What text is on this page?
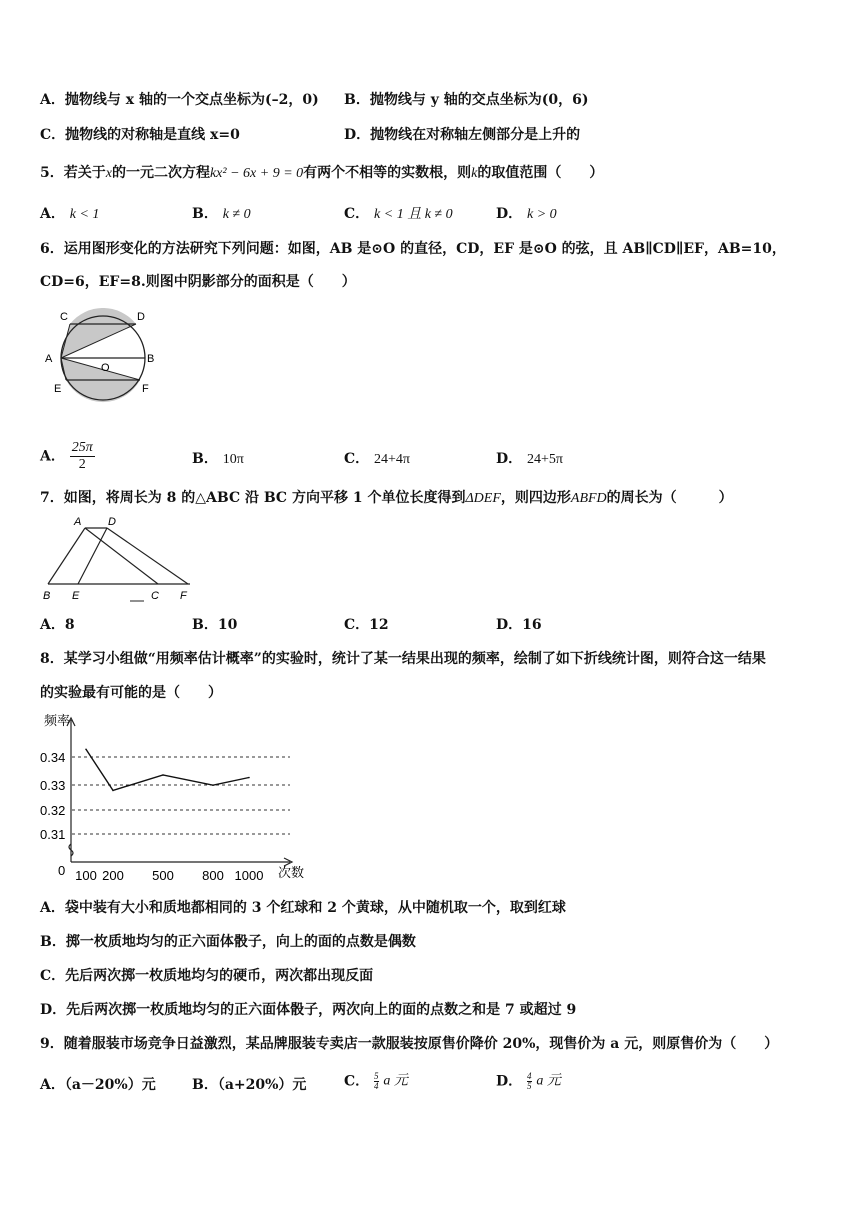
A．抛物线与 x 轴的一个交点坐标为(–2，0) B．抛物线与 y 轴的交点坐标为(0，6)
C．抛物线的对称轴是直线 x=0	D．抛物线在对称轴左侧部分是上升的
5．若关于x的一元二次方程kx² − 6x + 9 = 0有两个不相等的实数根，则k的取值范围（　　）
A． k < 1	B． k ≠ 0	C． k < 1 且 k ≠ 0	D． k > 0
6．运用图形变化的方法研究下列问题：如图，AB 是⊙O 的直径，CD，EF 是⊙O 的弦，且 AB∥CD∥EF，AB=10，
CD=6，EF=8.则图中阴影部分的面积是（　　）
C	D
A	B
O
E	F
A． $\frac{25\pi}{2}$	B． 10π	C． 24+4π	D． 24+5π
7．如图，将周长为 8 的△ABC 沿 BC 方向平移 1 个单位长度得到ΔDEF，则四边形ABFD的周长为（　　　）
A D
B E	C F
A．8	B．10	C．12	D．16
8．某学习小组做“用频率估计概率”的实验时，统计了某一结果出现的频率，绘制了如下折线统计图，则符合这一结果
的实验最有可能的是（　　）
0.34
0.33
0.32
0.31
100 200 500 800 1000
频率
次数
0
A．袋中装有大小和质地都相同的 3 个红球和 2 个黄球，从中随机取一个，取到红球
B．掷一枚质地均匀的正六面体骰子，向上的面的点数是偶数
C．先后两次掷一枚质地均匀的硬币，两次都出现反面
D．先后两次掷一枚质地均匀的正六面体骰子，两次向上的面的点数之和是 7 或超过 9
9．随着服装市场竞争日益激烈，某品牌服装专卖店一款服装按原售价降价 20%，现售价为 a 元，则原售价为（　　）
A．（a－20%）元	B．（a+20%）元	C． $\frac{5}{4}$ a 元	D． $\frac{4}{5}$ a 元
